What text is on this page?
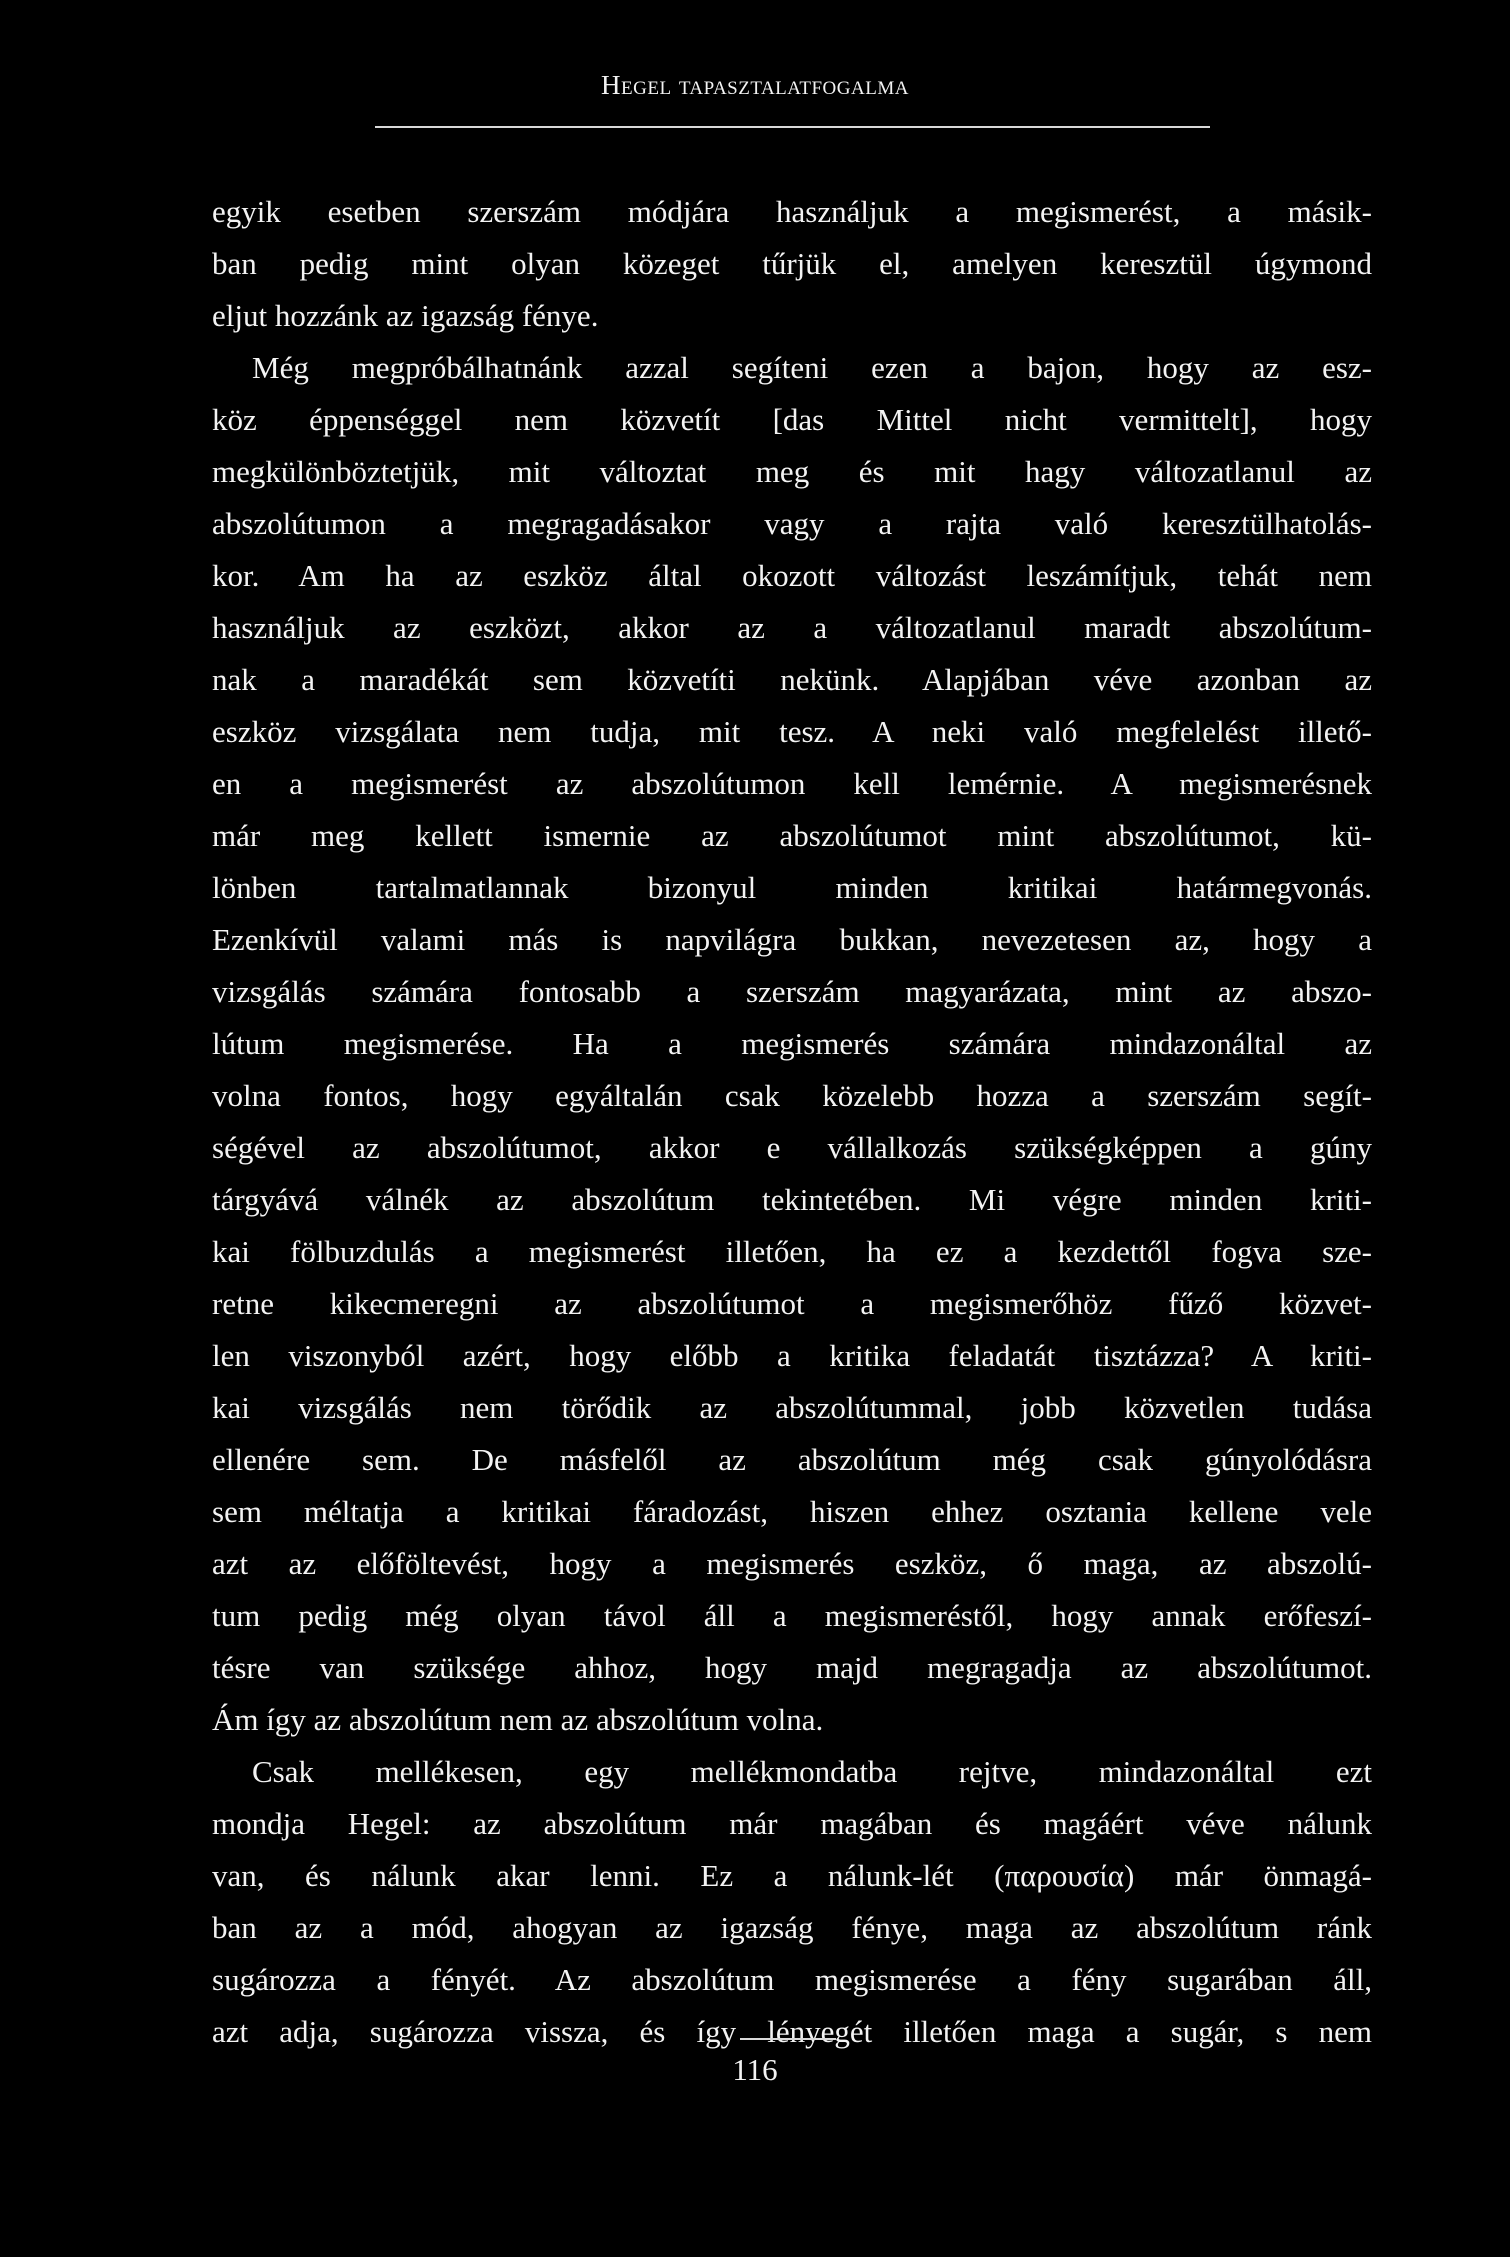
Hegel tapasztalatfogalma
egyik esetben szerszám módjára használjuk a megismerést, a másik-
ban pedig mint olyan közeget tűrjük el, amelyen keresztül úgymond
eljut hozzánk az igazság fénye.
Még megpróbálhatnánk azzal segíteni ezen a bajon, hogy az esz-
köz éppenséggel nem közvetít [das Mittel nicht vermittelt], hogy
megkülönböztetjük, mit változtat meg és mit hagy változatlanul az
abszolútumon a megragadásakor vagy a rajta való keresztülhatolás-
kor. Am ha az eszköz által okozott változást leszámítjuk, tehát nem
használjuk az eszközt, akkor az a változatlanul maradt abszolútum-
nak a maradékát sem közvetíti nekünk. Alapjában véve azonban az
eszköz vizsgálata nem tudja, mit tesz. A neki való megfelelést illető-
en a megismerést az abszolútumon kell lemérnie. A megismerésnek
már meg kellett ismernie az abszolútumot mint abszolútumot, kü-
lönben tartalmatlannak bizonyul minden kritikai határmegvonás.
Ezenkívül valami más is napvilágra bukkan, nevezetesen az, hogy a
vizsgálás számára fontosabb a szerszám magyarázata, mint az abszo-
lútum megismerése. Ha a megismerés számára mindazonáltal az
volna fontos, hogy egyáltalán csak közelebb hozza a szerszám segít-
ségével az abszolútumot, akkor e vállalkozás szükségképpen a gúny
tárgyává válnék az abszolútum tekintetében. Mi végre minden kriti-
kai fölbuzdulás a megismerést illetően, ha ez a kezdettől fogva sze-
retne kikecmeregni az abszolútumot a megismerőhöz fűző közvet-
len viszonyból azért, hogy előbb a kritika feladatát tisztázza? A kriti-
kai vizsgálás nem törődik az abszolútummal, jobb közvetlen tudása
ellenére sem. De másfelől az abszolútum még csak gúnyolódásra
sem méltatja a kritikai fáradozást, hiszen ehhez osztania kellene vele
azt az előföltevést, hogy a megismerés eszköz, ő maga, az abszolú-
tum pedig még olyan távol áll a megismeréstől, hogy annak erőfeszí-
tésre van szüksége ahhoz, hogy majd megragadja az abszolútumot.
Ám így az abszolútum nem az abszolútum volna.
Csak mellékesen, egy mellékmondatba rejtve, mindazonáltal ezt
mondja Hegel: az abszolútum már magában és magáért véve nálunk
van, és nálunk akar lenni. Ez a nálunk-lét (παρουσία) már önmagá-
ban az a mód, ahogyan az igazság fénye, maga az abszolútum ránk
sugározza a fényét. Az abszolútum megismerése a fény sugarában áll,
azt adja, sugározza vissza, és így lényegét illetően maga a sugár, s nem
116
